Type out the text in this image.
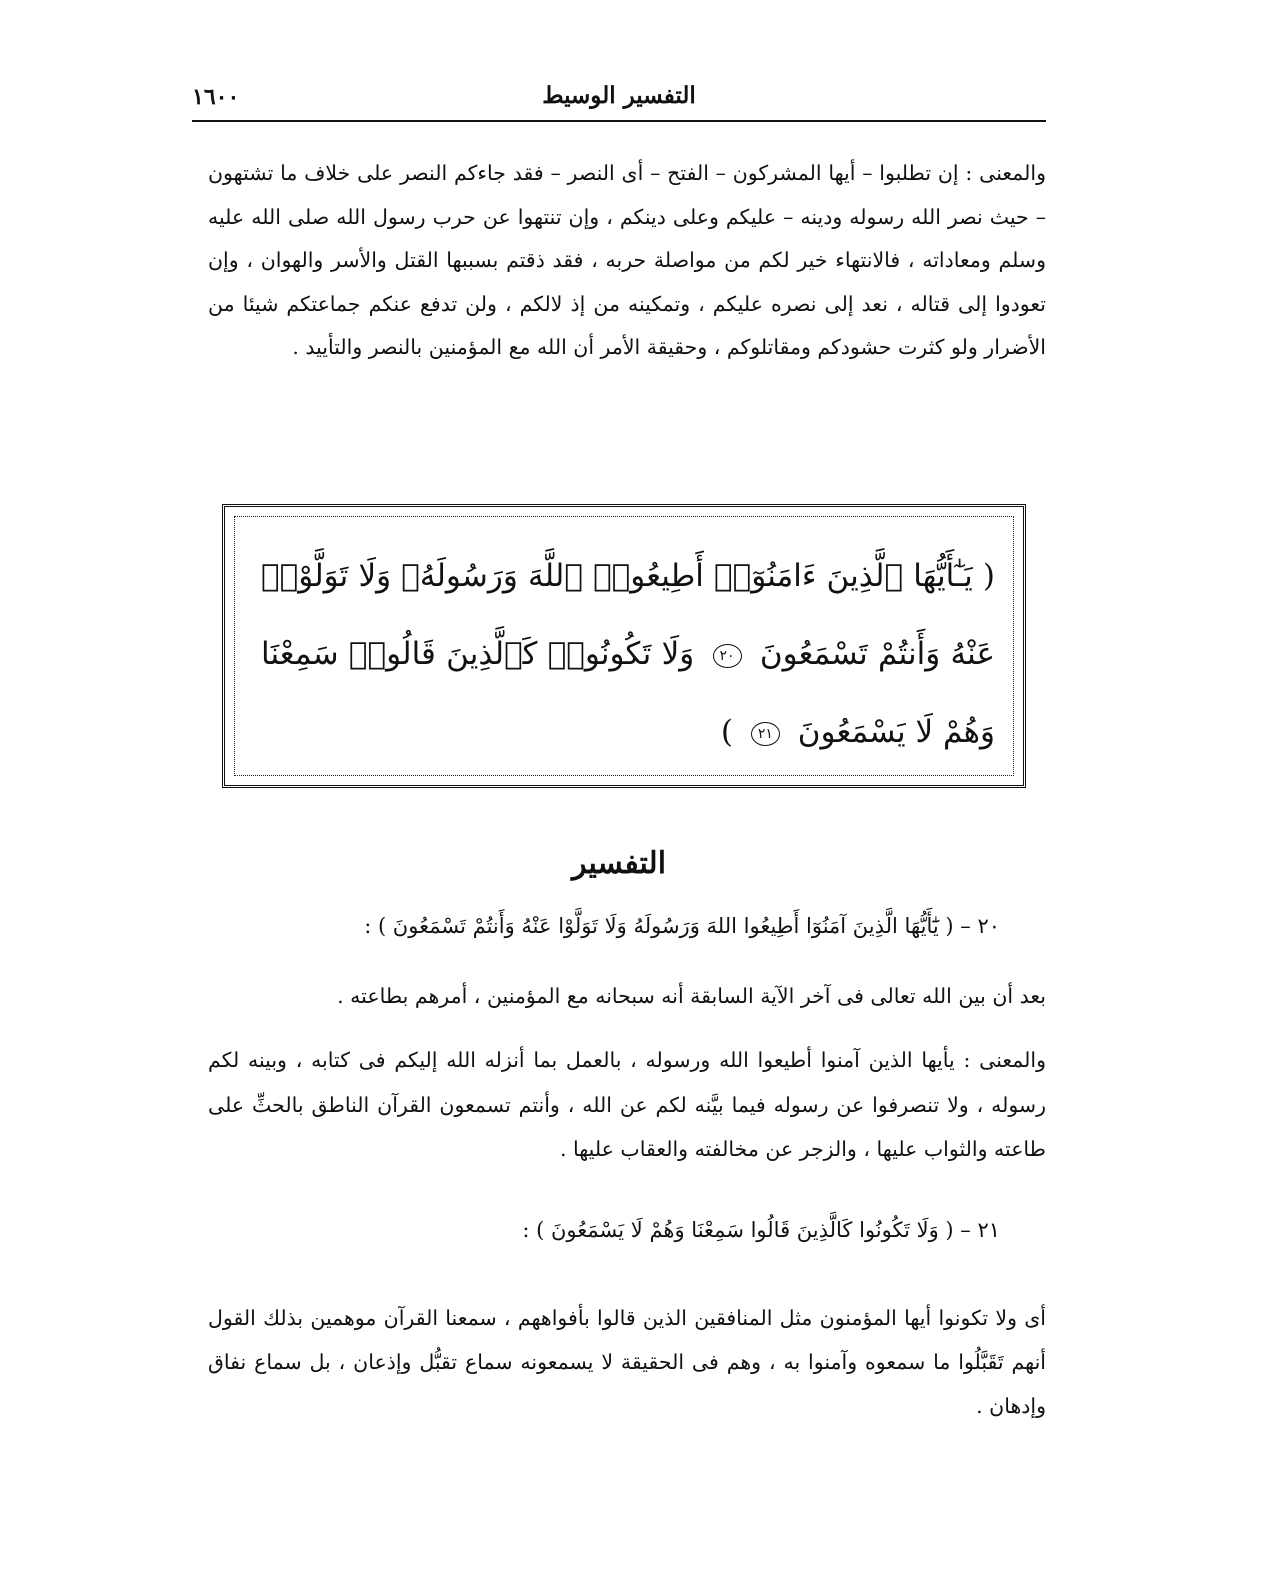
التفسير الوسيط
١٦٠٠

والمعنى : إن تطلبوا – أيها المشركون – الفتح – أى النصر – فقد جاءكم النصر على خلاف ما تشتهون – حيث نصر الله رسوله ودينه – عليكم وعلى دينكم ، وإن تنتهوا عن حرب رسول الله صلى الله عليه وسلم ومعاداته ، فالانتهاء خير لكم من مواصلة حربه ، فقد ذقتم بسببها القتل والأسر والهوان ، وإن تعودوا إلى قتاله ، نعد إلى نصره عليكم ، وتمكينه من إذ لالكم ، ولن تدفع عنكم جماعتكم شيئا من الأضرار ولو كثرت حشودكم ومقاتلوكم ، وحقيقة الأمر أن الله مع المؤمنين بالنصر والتأييد .

( يَـٰٓأَيُّهَا ٱلَّذِينَ ءَامَنُوٓا۟ أَطِيعُوا۟ ٱللَّهَ وَرَسُولَهُۥ وَلَا تَوَلَّوْا۟ عَنْهُ وَأَنتُمْ تَسْمَعُونَ ٢٠ وَلَا تَكُونُوا۟ كَٱلَّذِينَ قَالُوا۟ سَمِعْنَا وَهُمْ لَا يَسْمَعُونَ ٢١ )

التفسير

٢٠ – ( يَٰٓأَيُّهَا الَّذِينَ آمَنُوٓا أَطِيعُوا اللهَ وَرَسُولَهُ وَلَا تَوَلَّوْا عَنْهُ وَأَنتُمْ تَسْمَعُونَ ) :

بعد أن بين الله تعالى فى آخر الآية السابقة أنه سبحانه مع المؤمنين ، أمرهم بطاعته .

والمعنى : يأيها الذين آمنوا أطيعوا الله ورسوله ، بالعمل بما أنزله الله إليكم فى كتابه ، وبينه لكم رسوله ، ولا تنصرفوا عن رسوله فيما بيَّنه لكم عن الله ، وأنتم تسمعون القرآن الناطق بالحثِّ على طاعته والثواب عليها ، والزجر عن مخالفته والعقاب عليها .

٢١ – ( وَلَا تَكُونُوا كَالَّذِينَ قَالُوا سَمِعْنَا وَهُمْ لَا يَسْمَعُونَ ) :

أى ولا تكونوا أيها المؤمنون مثل المنافقين الذين قالوا بأفواههم ، سمعنا القرآن موهمين بذلك القول أنهم تَقَبَّلُوا ما سمعوه وآمنوا به ، وهم فى الحقيقة لا يسمعونه سماع تقبُّل وإذعان ، بل سماع نفاق وإدهان .
